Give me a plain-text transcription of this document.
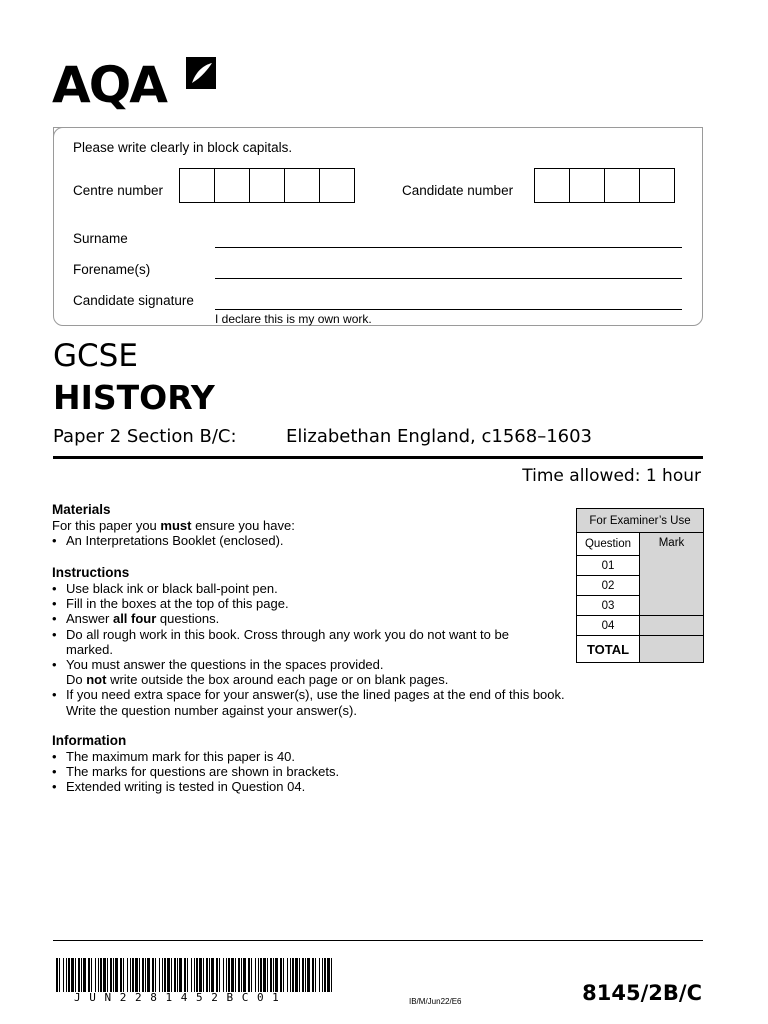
AQA
Please write clearly in block capitals.
Centre number	Candidate number
Surname
Forename(s)
Candidate signature
I declare this is my own work.
GCSE
HISTORY
Paper 2 Section B/C:	Elizabethan England, c1568–1603
Time allowed: 1 hour
Materials
For this paper you must ensure you have:
• An Interpretations Booklet (enclosed).
Instructions
• Use black ink or black ball-point pen.
• Fill in the boxes at the top of this page.
• Answer all four questions.
• Do all rough work in this book. Cross through any work you do not want to be
marked.
• You must answer the questions in the spaces provided.
Do not write outside the box around each page or on blank pages.
• If you need extra space for your answer(s), use the lined pages at the end of this book.
Write the question number against your answer(s).
Information
• The maximum mark for this paper is 40.
• The marks for questions are shown in brackets.
• Extended writing is tested in Question 04.
For Examiner’s Use	
Question	Mark
01	
02	
03	
04	
TOTAL	
J U N 2 2 8 1 4 5 2 B C 0 1	IB/M/Jun22/E6	8145/2B/C
